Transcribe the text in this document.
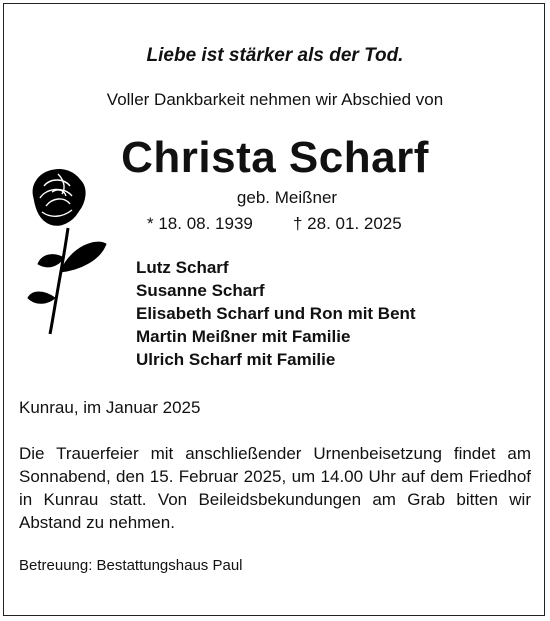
Liebe ist stärker als der Tod.
Voller Dankbarkeit nehmen wir Abschied von
Christa Scharf
geb. Meißner
* 18. 08. 1939 † 28. 01. 2025
Lutz Scharf
Susanne Scharf
Elisabeth Scharf und Ron mit Bent
Martin Meißner mit Familie
Ulrich Scharf mit Familie
Kunrau, im Januar 2025
Die Trauerfeier mit anschließender Urnenbeisetzung findet am Sonnabend, den 15. Februar 2025, um 14.00 Uhr auf dem Friedhof in Kunrau statt. Von Beileidsbekundungen am Grab bitten wir Abstand zu nehmen.
Betreuung: Bestattungshaus Paul
